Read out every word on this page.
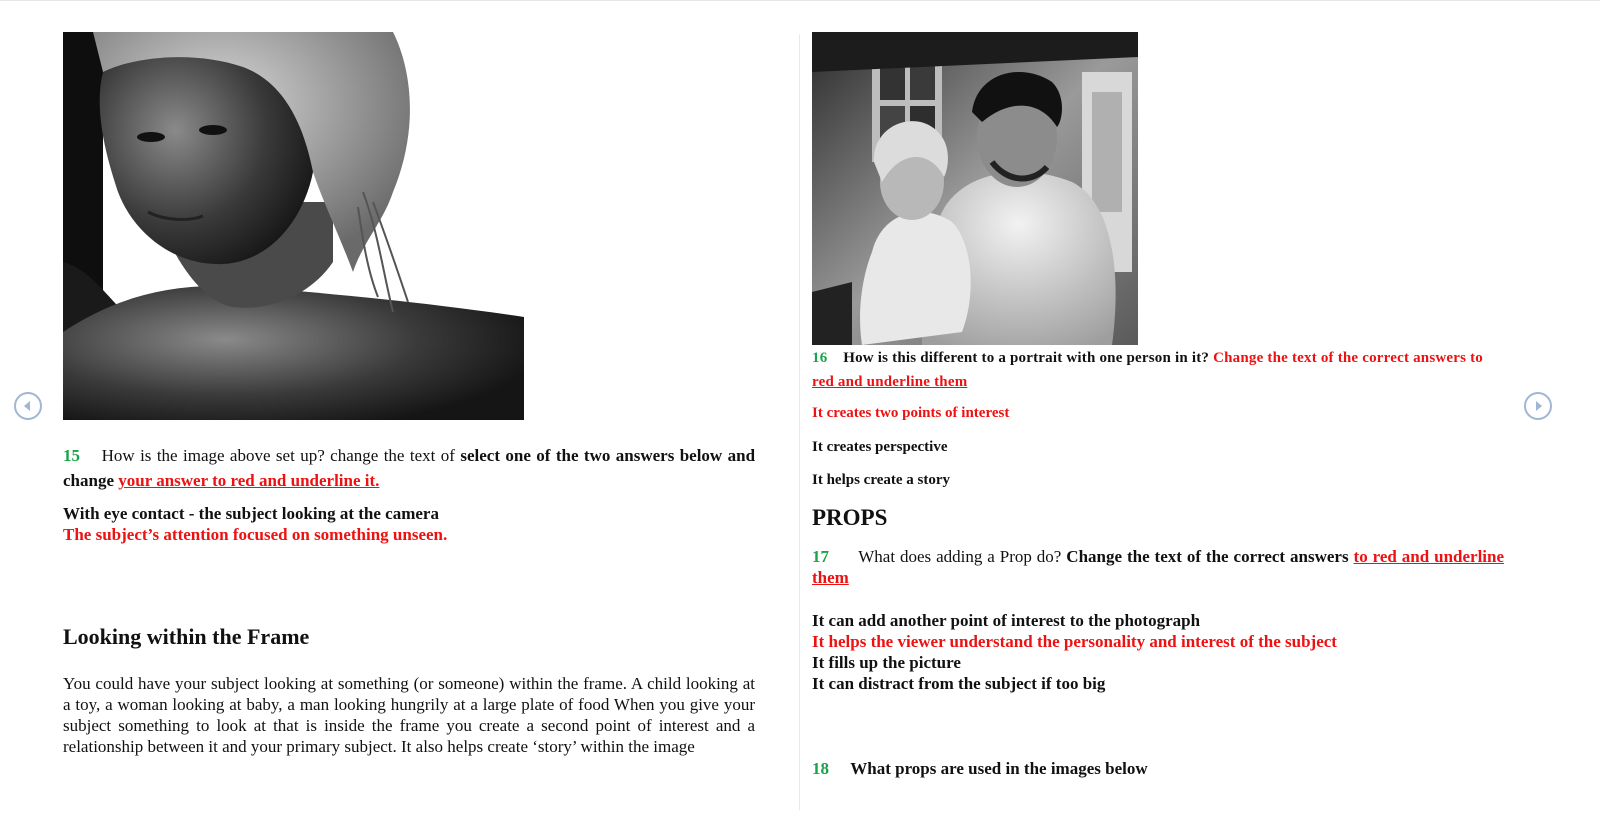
15 How is the image above set up? change the text of select one of the two answers below and change your answer to red and underline it.
With eye contact - the subject looking at the camera
The subject’s attention focused on something unseen.
Looking within the Frame
You could have your subject looking at something (or someone) within the frame. A child looking at a toy, a woman looking at baby, a man looking hungrily at a large plate of food When you give your subject something to look at that is inside the frame you create a second point of interest and a relationship between it and your primary subject. It also helps create ‘story’ within the image
16 How is this different to a portrait with one person in it? Change the text of the correct answers to red and underline them
It creates two points of interest
It creates perspective
It helps create a story
PROPS
17 What does adding a Prop do? Change the text of the correct answers to red and underline them
It can add another point of interest to the photograph
It helps the viewer understand the personality and interest of the subject
It fills up the picture
It can distract from the subject if too big
18 What props are used in the images below
